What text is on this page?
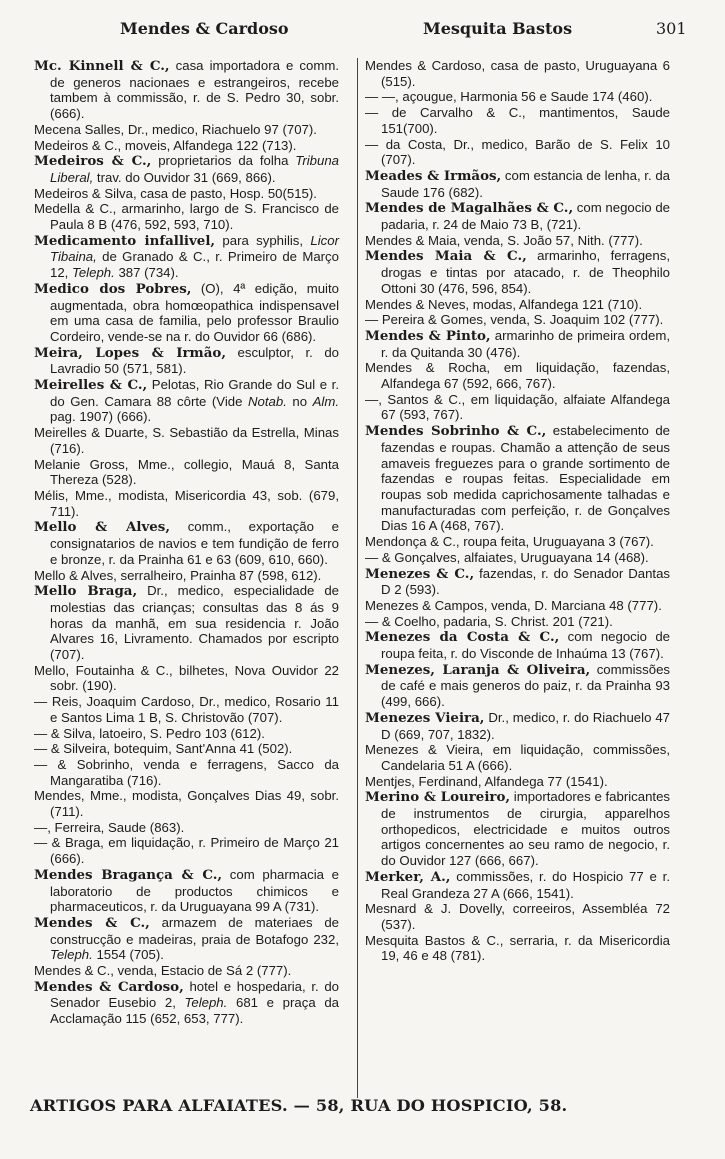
Mendes & Cardoso	Mesquita Bastos	301
Mc. Kinnell & C., casa importadora e comm. de generos nacionaes e estrangeiros, recebe tambem à commissão, r. de S. Pedro 30, sobr. (666).
Mecena Salles, Dr., medico, Riachuelo 97 (707).
Medeiros & C., moveis, Alfandega 122 (713).
Medeiros & C., proprietarios da folha Tribuna Liberal, trav. do Ouvidor 31 (669, 866).
Medeiros & Silva, casa de pasto, Hosp. 50(515).
Medella & C., armarinho, largo de S. Francisco de Paula 8 B (476, 592, 593, 710).
Medicamento infallivel, para syphilis, Licor Tibaina, de Granado & C., r. Primeiro de Março 12, Teleph. 387 (734).
Medico dos Pobres, (O), 4ª edição, muito augmentada, obra homœopathica indispensavel em uma casa de familia, pelo professor Braulio Cordeiro, vende-se na r. do Ouvidor 66 (686).
Meira, Lopes & Irmão, esculptor, r. do Lavradio 50 (571, 581).
Meirelles & C., Pelotas, Rio Grande do Sul e r. do Gen. Camara 88 côrte (Vide Notab. no Alm. pag. 1907) (666).
Meirelles & Duarte, S. Sebastião da Estrella, Minas (716).
Melanie Gross, Mme., collegio, Mauá 8, Santa Thereza (528).
Mélis, Mme., modista, Misericordia 43, sob. (679, 711).
Mello & Alves, comm., exportação e consignatarios de navios e tem fundição de ferro e bronze, r. da Prainha 61 e 63 (609, 610, 660).
Mello & Alves, serralheiro, Prainha 87 (598, 612).
Mello Braga, Dr., medico, especialidade de molestias das crianças; consultas das 8 ás 9 horas da manhã, em sua residencia r. João Alvares 16, Livramento. Chamados por escripto (707).
Mello, Foutainha & C., bilhetes, Nova Ouvidor 22 sobr. (190).
— Reis, Joaquim Cardoso, Dr., medico, Rosario 11 e Santos Lima 1 B, S. Christovão (707).
— & Silva, latoeiro, S. Pedro 103 (612).
— & Silveira, botequim, Sant'Anna 41 (502).
— & Sobrinho, venda e ferragens, Sacco da Mangaratiba (716).
Mendes, Mme., modista, Gonçalves Dias 49, sobr. (711).
—, Ferreira, Saude (863).
— & Braga, em liquidação, r. Primeiro de Março 21 (666).
Mendes Bragança & C., com pharmacia e laboratorio de productos chimicos e pharmaceuticos, r. da Uruguayana 99 A (731).
Mendes & C., armazem de materiaes de construcção e madeiras, praia de Botafogo 232, Teleph. 1554 (705).
Mendes & C., venda, Estacio de Sá 2 (777).
Mendes & Cardoso, hotel e hospedaria, r. do Senador Eusebio 2, Teleph. 681 e praça da Acclamação 115 (652, 653, 777).
Mendes & Cardoso, casa de pasto, Uruguayana 6 (515).
— —, açougue, Harmonia 56 e Saude 174 (460).
— de Carvalho & C., mantimentos, Saude 151(700).
— da Costa, Dr., medico, Barão de S. Felix 10 (707).
Meades & Irmãos, com estancia de lenha, r. da Saude 176 (682).
Mendes de Magalhães & C., com negocio de padaria, r. 24 de Maio 73 B, (721).
Mendes & Maia, venda, S. João 57, Nith. (777).
Mendes Maia & C., armarinho, ferragens, drogas e tintas por atacado, r. de Theophilo Ottoni 30 (476, 596, 854).
Mendes & Neves, modas, Alfandega 121 (710).
— Pereira & Gomes, venda, S. Joaquim 102 (777).
Mendes & Pinto, armarinho de primeira ordem, r. da Quitanda 30 (476).
Mendes & Rocha, em liquidação, fazendas, Alfandega 67 (592, 666, 767).
—, Santos & C., em liquidação, alfaiate Alfandega 67 (593, 767).
Mendes Sobrinho & C., estabelecimento de fazendas e roupas. Chamão a attenção de seus amaveis freguezes para o grande sortimento de fazendas e roupas feitas. Especialidade em roupas sob medida caprichosamente talhadas e manufacturadas com perfeição, r. de Gonçalves Dias 16 A (468, 767).
Mendonça & C., roupa feita, Uruguayana 3 (767).
— & Gonçalves, alfaiates, Uruguayana 14 (468).
Menezes & C., fazendas, r. do Senador Dantas D 2 (593).
Menezes & Campos, venda, D. Marciana 48 (777).
— & Coelho, padaria, S. Christ. 201 (721).
Menezes da Costa & C., com negocio de roupa feita, r. do Visconde de Inhaúma 13 (767).
Menezes, Laranja & Oliveira, commissões de café e mais generos do paiz, r. da Prainha 93 (499, 666).
Menezes Vieira, Dr., medico, r. do Riachuelo 47 D (669, 707, 1832).
Menezes & Vieira, em liquidação, commissões, Candelaria 51 A (666).
Mentjes, Ferdinand, Alfandega 77 (1541).
Merino & Loureiro, importadores e fabricantes de instrumentos de cirurgia, apparelhos orthopedicos, electricidade e muitos outros artigos concernentes ao seu ramo de negocio, r. do Ouvidor 127 (666, 667).
Merker, A., commissões, r. do Hospicio 77 e r. Real Grandeza 27 A (666, 1541).
Mesnard & J. Dovelly, correeiros, Assembléa 72 (537).
Mesquita Bastos & C., serraria, r. da Misericordia 19, 46 e 48 (781).
ARTIGOS PARA ALFAIATES. — 58, RUA DO HOSPICIO, 58.
